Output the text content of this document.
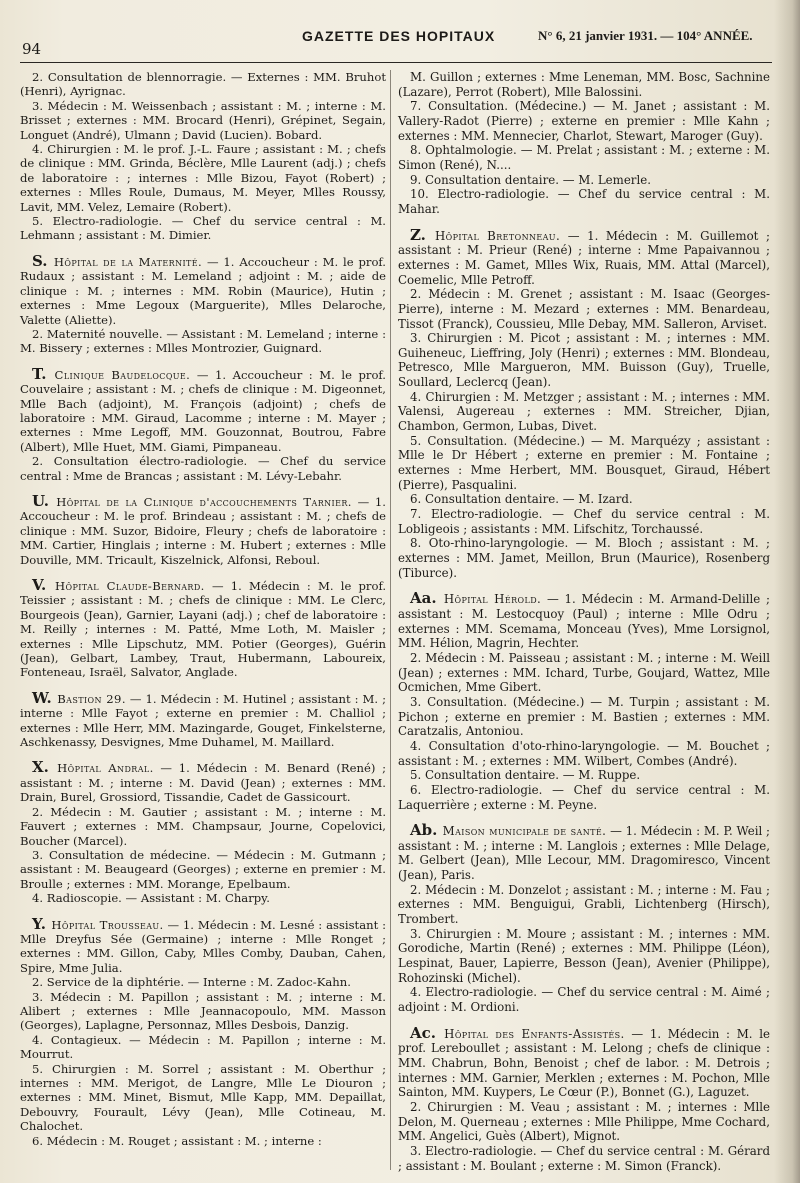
94
GAZETTE DES HOPITAUX	N° 6, 21 janvier 1931. — 104° ANNÉE.

2. Consultation de blennorragie. — Externes : MM. Bruhot (Henri), Ayrignac.

3. Médecin : M. Weissenbach ; assistant : M. ; interne : M. Brisset ; externes : MM. Brocard (Henri), Grépinet, Segain, Longuet (André), Ulmann ; David (Lucien). Bobard.

4. Chirurgien : M. le prof. J.-L. Faure ; assistant : M. ; chefs de clinique : MM. Grinda, Béclère, Mlle Laurent (adj.) ; chefs de laboratoire : ; internes : Mlle Bizou, Fayot (Robert) ; externes : Mlles Roule, Dumaus, M. Meyer, Mlles Roussy, Lavit, MM. Velez, Lemaire (Robert).

5. Electro-radiologie. — Chef du service central : M. Lehmann ; assistant : M. Dimier.

S. Hôpital de la Maternité. — 1. Accoucheur : M. le prof. Rudaux ; assistant : M. Lemeland ; adjoint : M. ; aide de clinique : M. ; internes : MM. Robin (Maurice), Hutin ; externes : Mme Legoux (Marguerite), Mlles Delaroche, Valette (Aliette).

2. Maternité nouvelle. — Assistant : M. Lemeland ; interne : M. Bissery ; externes : Mlles Montrozier, Guignard.

T. Clinique Baudelocque. — 1. Accoucheur : M. le prof. Couvelaire ; assistant : M. ; chefs de clinique : M. Digeonnet, Mlle Bach (adjoint), M. François (adjoint) ; chefs de laboratoire : MM. Giraud, Lacomme ; interne : M. Mayer ; externes : Mme Legoff, MM. Gouzonnat, Boutrou, Fabre (Albert), Mlle Huet, MM. Giami, Pimpaneau.

2. Consultation électro-radiologie. — Chef du service central : Mme de Brancas ; assistant : M. Lévy-Lebahr.

U. Hôpital de la Clinique d'accouchements Tarnier. — 1. Accoucheur : M. le prof. Brindeau ; assistant : M. ; chefs de clinique : MM. Suzor, Bidoire, Fleury ; chefs de laboratoire : MM. Cartier, Hinglais ; interne : M. Hubert ; externes : Mlle Douville, MM. Tricault, Kiszelnick, Alfonsi, Reboul.

V. Hôpital Claude-Bernard. — 1. Médecin : M. le prof. Teissier ; assistant : M. ; chefs de clinique : MM. Le Clerc, Bourgeois (Jean), Garnier, Layani (adj.) ; chef de laboratoire : M. Reilly ; internes : M. Patté, Mme Loth, M. Maisler ; externes : Mlle Lipschutz, MM. Potier (Georges), Guérin (Jean), Gelbart, Lambey, Traut, Hubermann, Laboureix, Fonteneau, Israël, Salvator, Anglade.

W. Bastion 29. — 1. Médecin : M. Hutinel ; assistant : M. ; interne : Mlle Fayot ; externe en premier : M. Challiol ; externes : Mlle Herr, MM. Mazingarde, Gouget, Finkelsterne, Aschkenassy, Desvignes, Mme Duhamel, M. Maillard.

X. Hôpital Andral. — 1. Médecin : M. Benard (René) ; assistant : M. ; interne : M. David (Jean) ; externes : MM. Drain, Burel, Grossiord, Tissandie, Cadet de Gassicourt.

2. Médecin : M. Gautier ; assistant : M. ; interne : M. Fauvert ; externes : MM. Champsaur, Journe, Copelovici, Boucher (Marcel).

3. Consultation de médecine. — Médecin : M. Gutmann ; assistant : M. Beaugeard (Georges) ; externe en premier : M. Broulle ; externes : MM. Morange, Epelbaum.

4. Radioscopie. — Assistant : M. Charpy.

Y. Hôpital Trousseau. — 1. Médecin : M. Lesné : assistant : Mlle Dreyfus Sée (Germaine) ; interne : Mlle Ronget ; externes : MM. Gillon, Caby, Mlles Comby, Dauban, Cahen, Spire, Mme Julia.

2. Service de la diphtérie. — Interne : M. Zadoc-Kahn.

3. Médecin : M. Papillon ; assistant : M. ; interne : M. Alibert ; externes : Mlle Jeannacopoulo, MM. Masson (Georges), Laplagne, Personnaz, Mlles Desbois, Danzig.

4. Contagieux. — Médecin : M. Papillon ; interne : M. Mourrut.

5. Chirurgien : M. Sorrel ; assistant : M. Oberthur ; internes : MM. Merigot, de Langre, Mlle Le Diouron ; externes : MM. Minet, Bismut, Mlle Kapp, MM. Depaillat, Debouvry, Fourault, Lévy (Jean), Mlle Cotineau, M. Chalochet.

6. Médecin : M. Rouget ; assistant : M. ; interne :

M. Guillon ; externes : Mme Leneman, MM. Bosc, Sachnine (Lazare), Perrot (Robert), Mlle Balossini.

7. Consultation. (Médecine.) — M. Janet ; assistant : M. Vallery-Radot (Pierre) ; externe en premier : Mlle Kahn ; externes : MM. Mennecier, Charlot, Stewart, Maroger (Guy).

8. Ophtalmologie. — M. Prelat ; assistant : M. ; externe : M. Simon (René), N....

9. Consultation dentaire. — M. Lemerle.

10. Electro-radiologie. — Chef du service central : M. Mahar.

Z. Hôpital Bretonneau. — 1. Médecin : M. Guillemot ; assistant : M. Prieur (René) ; interne : Mme Papaivannou ; externes : M. Gamet, Mlles Wix, Ruais, MM. Attal (Marcel), Coemelic, Mlle Petroff.

2. Médecin : M. Grenet ; assistant : M. Isaac (Georges-Pierre), interne : M. Mezard ; externes : MM. Benardeau, Tissot (Franck), Coussieu, Mlle Debay, MM. Salleron, Arviset.

3. Chirurgien : M. Picot ; assistant : M. ; internes : MM. Guiheneuc, Lieffring, Joly (Henri) ; externes : MM. Blondeau, Petresco, Mlle Margueron, MM. Buisson (Guy), Truelle, Soullard, Leclercq (Jean).

4. Chirurgien : M. Metzger ; assistant : M. ; internes : MM. Valensi, Augereau ; externes : MM. Streicher, Djian, Chambon, Germon, Lubas, Divet.

5. Consultation. (Médecine.) — M. Marquézy ; assistant : Mlle le Dr Hébert ; externe en premier : M. Fontaine ; externes : Mme Herbert, MM. Bousquet, Giraud, Hébert (Pierre), Pasqualini.

6. Consultation dentaire. — M. Izard.

7. Electro-radiologie. — Chef du service central : M. Lobligeois ; assistants : MM. Lifschitz, Torchaussé.

8. Oto-rhino-laryngologie. — M. Bloch ; assistant : M. ; externes : MM. Jamet, Meillon, Brun (Maurice), Rosenberg (Tiburce).

Aa. Hôpital Hérold. — 1. Médecin : M. Armand-Delille ; assistant : M. Lestocquoy (Paul) ; interne : Mlle Odru ; externes : MM. Scemama, Monceau (Yves), Mme Lorsignol, MM. Hélion, Magrin, Hechter.

2. Médecin : M. Paisseau ; assistant : M. ; interne : M. Weill (Jean) ; externes : MM. Ichard, Turbe, Goujard, Wattez, Mlle Ocmichen, Mme Gibert.

3. Consultation. (Médecine.) — M. Turpin ; assistant : M. Pichon ; externe en premier : M. Bastien ; externes : MM. Caratzalis, Antoniou.

4. Consultation d'oto-rhino-laryngologie. — M. Bouchet ; assistant : M. ; externes : MM. Wilbert, Combes (André).

5. Consultation dentaire. — M. Ruppe.

6. Electro-radiologie. — Chef du service central : M. Laquerrière ; externe : M. Peyne.

Ab. Maison municipale de santé. — 1. Médecin : M. P. Weil ; assistant : M. ; interne : M. Langlois ; externes : Mlle Delage, M. Gelbert (Jean), Mlle Lecour, MM. Dragomiresco, Vincent (Jean), Paris.

2. Médecin : M. Donzelot ; assistant : M. ; interne : M. Fau ; externes : MM. Benguigui, Grabli, Lichtenberg (Hirsch), Trombert.

3. Chirurgien : M. Moure ; assistant : M. ; internes : MM. Gorodiche, Martin (René) ; externes : MM. Philippe (Léon), Lespinat, Bauer, Lapierre, Besson (Jean), Avenier (Philippe), Rohozinski (Michel).

4. Electro-radiologie. — Chef du service central : M. Aimé ; adjoint : M. Ordioni.

Ac. Hôpital des Enfants-Assistés. — 1. Médecin : M. le prof. Lereboullet ; assistant : M. Lelong ; chefs de clinique : MM. Chabrun, Bohn, Benoist ; chef de labor. : M. Detrois ; internes : MM. Garnier, Merklen ; externes : M. Pochon, Mlle Sainton, MM. Kuypers, Le Cœur (P.), Bonnet (G.), Laguzet.

2. Chirurgien : M. Veau ; assistant : M. ; internes : Mlle Delon, M. Querneau ; externes : Mlle Philippe, Mme Cochard, MM. Angelici, Guès (Albert), Mignot.

3. Electro-radiologie. — Chef du service central : M. Gérard ; assistant : M. Boulant ; externe : M. Simon (Franck).
